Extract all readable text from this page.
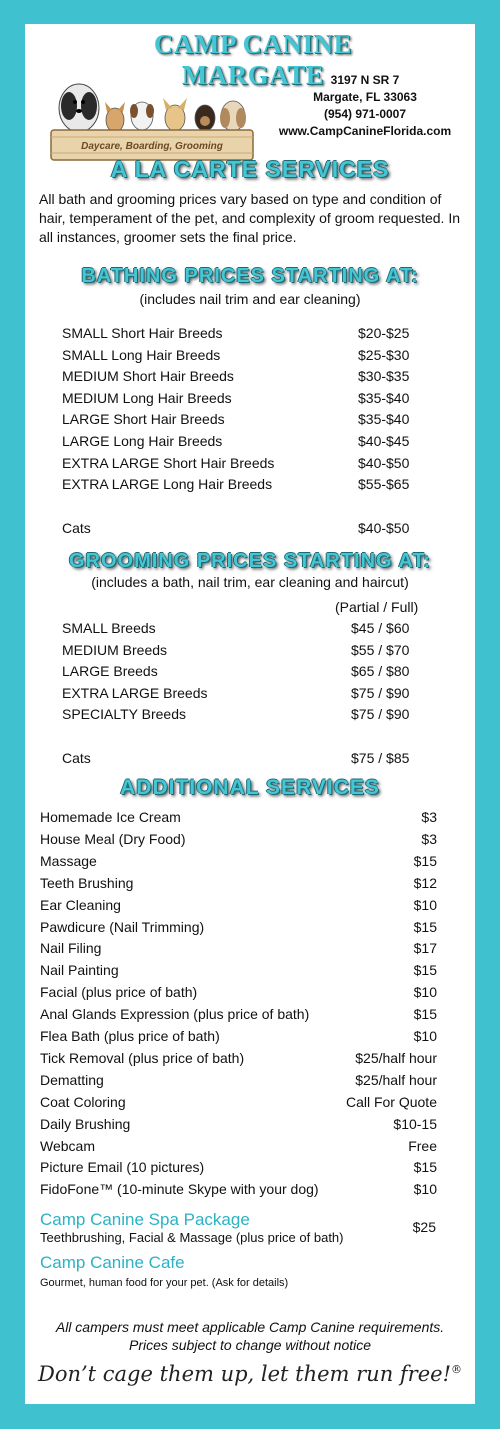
CAMP CANINE MARGATE
Daycare, Boarding, Grooming
3197 N SR 7
Margate, FL 33063
(954) 971-0007
www.CampCanineFlorida.com
A LA CARTE SERVICES
All bath and grooming prices vary based on type and condition of hair, temperament of the pet, and complexity of groom requested. In all instances, groomer sets the final price.
BATHING PRICES STARTING AT:
(includes nail trim and ear cleaning)
SMALL Short Hair Breeds	$20-$25
SMALL Long Hair Breeds	$25-$30
MEDIUM Short Hair Breeds	$30-$35
MEDIUM Long Hair Breeds	$35-$40
LARGE Short Hair Breeds	$35-$40
LARGE Long Hair Breeds	$40-$45
EXTRA LARGE Short Hair Breeds	$40-$50
EXTRA LARGE Long Hair Breeds	$55-$65
Cats	$40-$50
GROOMING PRICES STARTING AT:
(includes a bath, nail trim, ear cleaning and haircut)
(Partial / Full)
SMALL Breeds	$45 / $60
MEDIUM Breeds	$55 / $70
LARGE Breeds	$65 / $80
EXTRA LARGE Breeds	$75 / $90
SPECIALTY Breeds	$75 / $90
Cats	$75 / $85
ADDITIONAL SERVICES
Homemade Ice Cream	$3
House Meal (Dry Food)	$3
Massage	$15
Teeth Brushing	$12
Ear Cleaning	$10
Pawdicure (Nail Trimming)	$15
Nail Filing	$17
Nail Painting	$15
Facial (plus price of bath)	$10
Anal Glands Expression (plus price of bath)	$15
Flea Bath (plus price of bath)	$10
Tick Removal (plus price of bath)	$25/half hour
Dematting	$25/half hour
Coat Coloring	Call For Quote
Daily Brushing	$10-15
Webcam	Free
Picture Email (10 pictures)	$15
FidoFone™ (10-minute Skype with your dog)	$10
Camp Canine Spa Package
Teethbrushing, Facial & Massage (plus price of bath)
$25
Camp Canine Cafe
Gourmet, human food for your pet. (Ask for details)
All campers must meet applicable Camp Canine requirements.
Prices subject to change without notice
Don’t cage them up, let them run free!®
